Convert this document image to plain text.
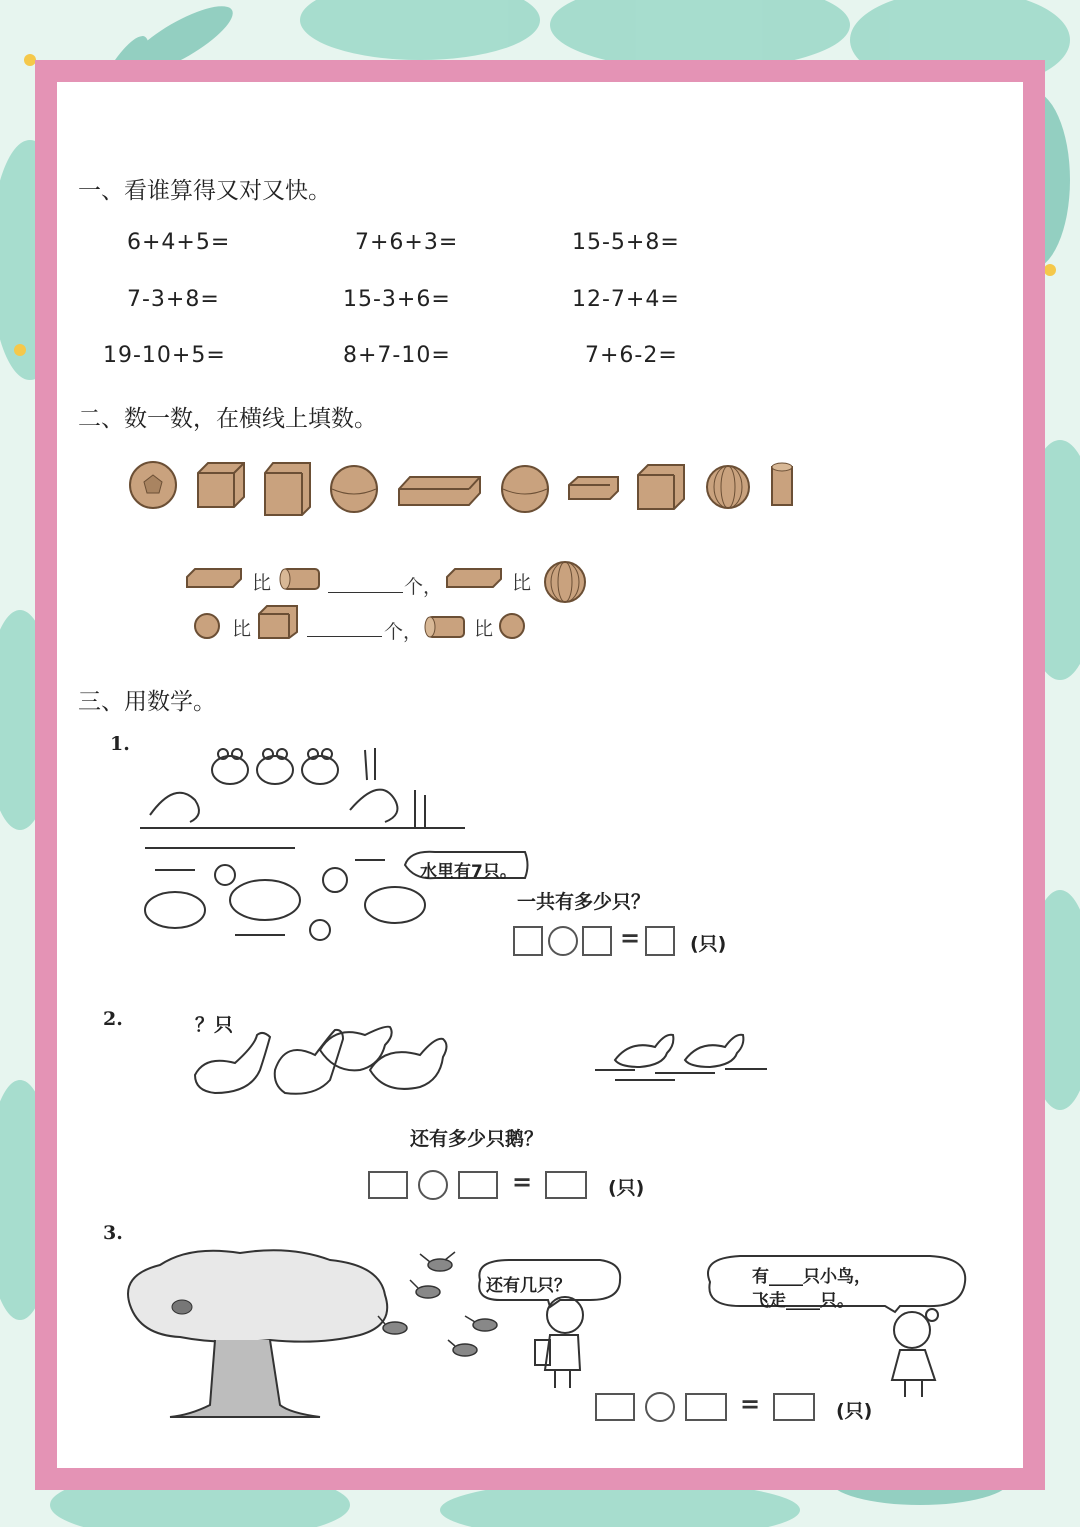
一、看谁算得又对又快。
6+4+5=	7+6+3=	15-5+8=
7-3+8=	15-3+6=	12-7+4=
19-10+5=	8+7-10=	7+6-2=
二、数一数，在横线上填数。
比	个，	比
比	个，	比
三、用数学。
1.
水里有7只。
一共有多少只？
=	(只)
2.	？只
还有多少只鹅？
=	(只)
3.
还有几只？	有____只小鸟，
飞走____只。
=	(只)
